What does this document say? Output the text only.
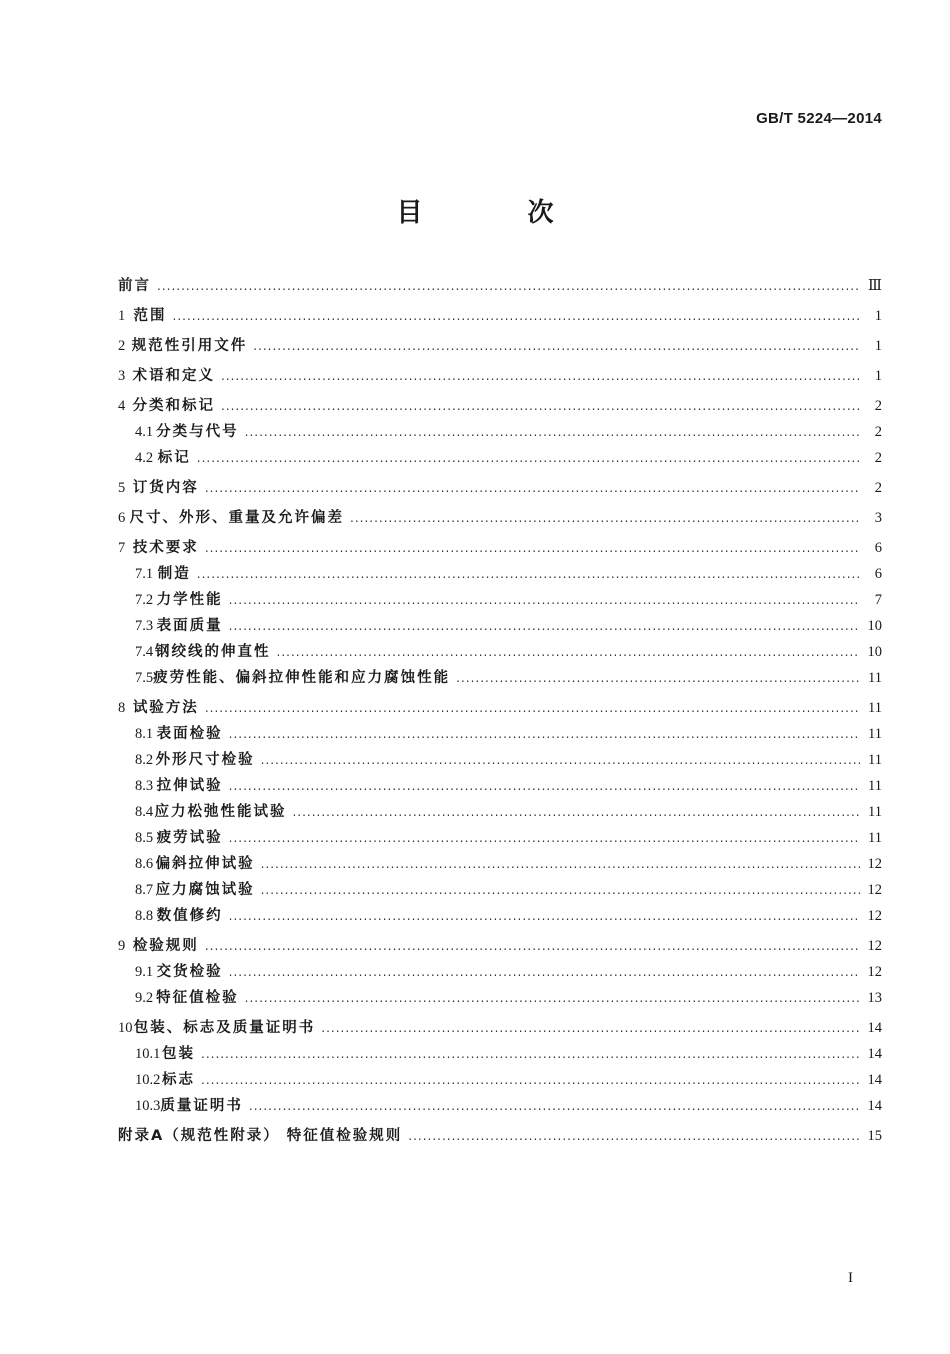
GB/T 5224—2014
目 次
前言 .....	Ⅲ
1 范围 .....	1
2 规范性引用文件 .....	1
3 术语和定义 .....	1
4 分类和标记 .....	2
4.1 分类与代号 .....	2
4.2 标记 .....	2
5 订货内容 .....	2
6 尺寸、外形、重量及允许偏差 .....	3
7 技术要求 .....	6
7.1 制造 .....	6
7.2 力学性能 .....	7
7.3 表面质量 .....	10
7.4 钢绞线的伸直性 .....	10
7.5 疲劳性能、偏斜拉伸性能和应力腐蚀性能 .....	11
8 试验方法 .....	11
8.1 表面检验 .....	11
8.2 外形尺寸检验 .....	11
8.3 拉伸试验 .....	11
8.4 应力松弛性能试验 .....	11
8.5 疲劳试验 .....	11
8.6 偏斜拉伸试验 .....	12
8.7 应力腐蚀试验 .....	12
8.8 数值修约 .....	12
9 检验规则 .....	12
9.1 交货检验 .....	12
9.2 特征值检验 .....	13
10 包装、标志及质量证明书 .....	14
10.1 包装 .....	14
10.2 标志 .....	14
10.3 质量证明书 .....	14
附录A（规范性附录） 特征值检验规则 .....	15
I
